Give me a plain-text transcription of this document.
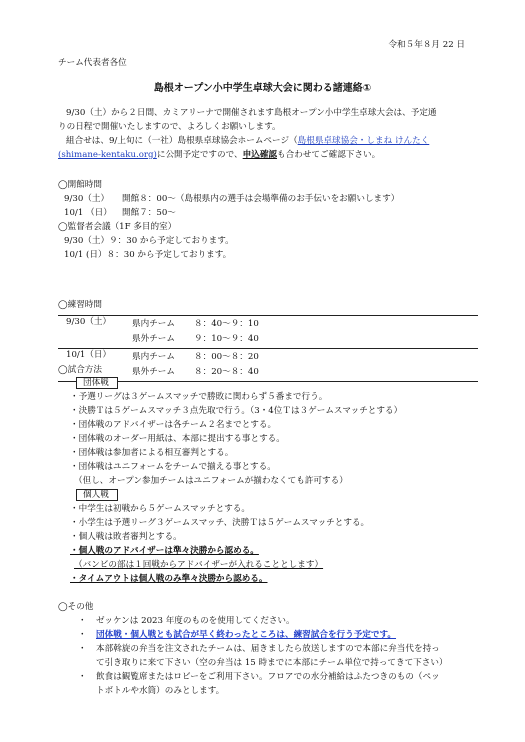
令和５年８月 22 日
チーム代表者各位
島根オープン小中学生卓球大会に関わる諸連絡①
9/30（土）から２日間、カミアリーナで開催されます島根オープン小中学生卓球大会は、予定通
りの日程で開催いたしますので、よろしくお願いします。
組合せは、9/上旬に（一社）島根県卓球協会ホームページ（島根県卓球協会・しまね けんたく
(shimane-kentaku.org)に公開予定ですので、申込確認も合わせてご確認下さい。
◯開館時間
9/30（土） 開館８：00～（島根県内の選手は会場準備のお手伝いをお願いします）
10/1 （日） 開館７：50～
◯監督者会議（1F 多目的室）
9/30（土）９：30 から予定しております。
10/1 (日）８：30 から予定しております。
◯練習時間
9/30（土）	県内チーム ８：40～９：10
県外チーム ９：10～９：40

10/1（日）	県内チーム ８：00～８：20
県外チーム ８：20～８：40
◯試合方法
団体戦
・予選リーグは３ゲームスマッチで勝敗に関わらず５番まで行う。
・決勝Ｔは５ゲームスマッチ３点先取で行う。（3・4位Ｔは３ゲームスマッチとする）
・団体戦のアドバイザーは各チーム２名までとする。
・団体戦のオーダー用紙は、本部に提出する事とする。
・団体戦は参加者による相互審判とする。
・団体戦はユニフォームをチームで揃える事とする。
（但し、オープン参加チームはユニフォームが揃わなくても許可する）
個人戦
・中学生は初戦から５ゲームスマッチとする。
・小学生は予選リーグ３ゲームスマッチ、決勝Ｔは５ゲームスマッチとする。
・個人戦は敗者審判とする。
・個人戦のアドバイザーは準々決勝から認める。
（バンビの部は１回戦からアドバイザーが入れることとします）
・タイムアウトは個人戦のみ準々決勝から認める。
◯その他
・ ゼッケンは 2023 年度のものを使用してください。
・ 団体戦・個人戦とも試合が早く終わったところは、練習試合を行う予定です。
・ 本部斡旋の弁当を注文されたチームは、届きましたら放送しますので本部に弁当代を持っ
て引き取りに来て下さい（空の弁当は 15 時までに本部にチーム単位で持ってきて下さい）
・ 飲食は観覧席またはロビーをご利用下さい。フロアでの水分補給はふたつきのもの（ペッ
トボトルや水筒）のみとします。
